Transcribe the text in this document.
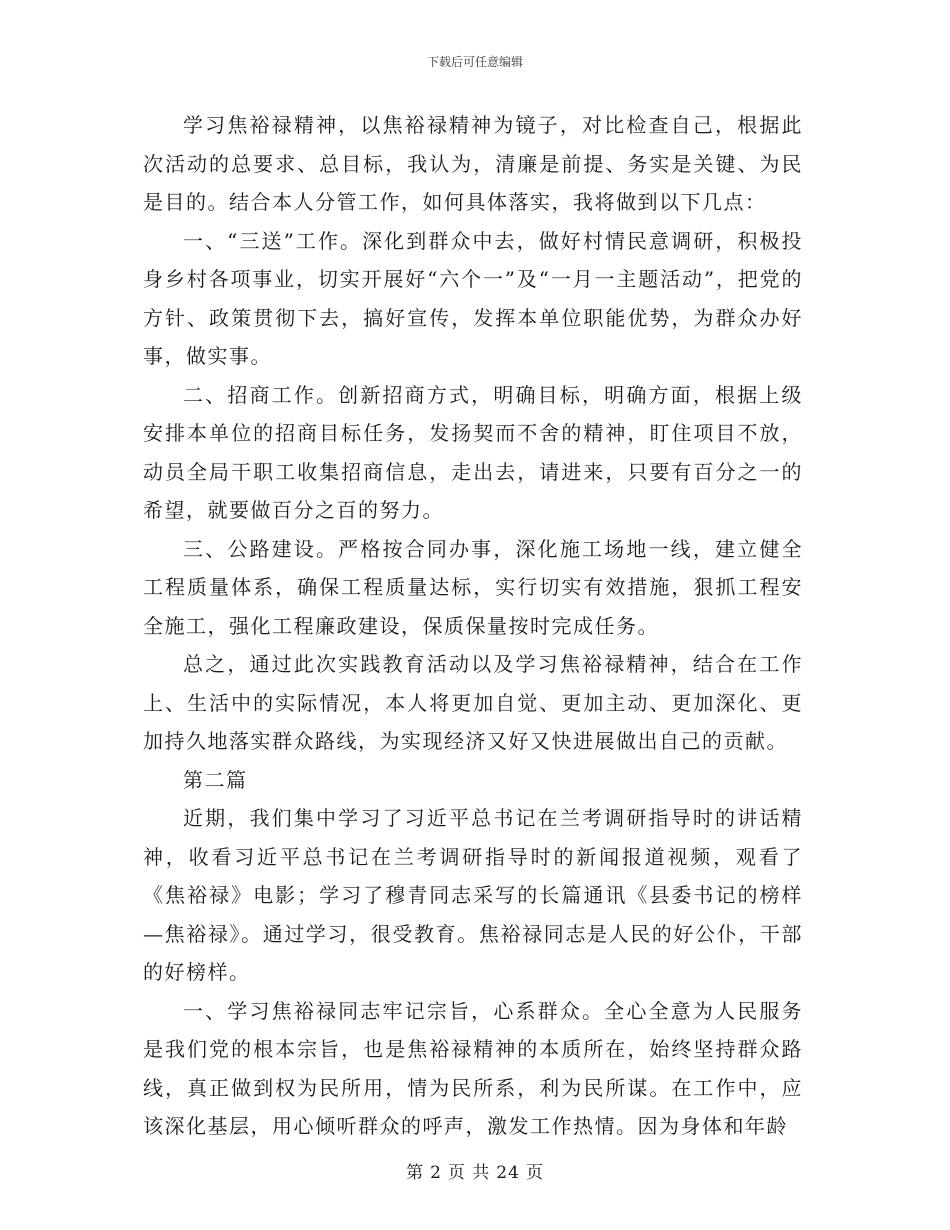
下载后可任意编辑

学习焦裕禄精神，以焦裕禄精神为镜子，对比检查自己，根据此次活动的总要求、总目标，我认为，清廉是前提、务实是关键、为民是目的。结合本人分管工作，如何具体落实，我将做到以下几点：

一、“三送”工作。深化到群众中去，做好村情民意调研，积极投身乡村各项事业，切实开展好“六个一”及“一月一主题活动”，把党的方针、政策贯彻下去，搞好宣传，发挥本单位职能优势，为群众办好事，做实事。

二、招商工作。创新招商方式，明确目标，明确方面，根据上级安排本单位的招商目标任务，发扬契而不舍的精神，盯住项目不放，动员全局干职工收集招商信息，走出去，请进来，只要有百分之一的希望，就要做百分之百的努力。

三、公路建设。严格按合同办事，深化施工场地一线，建立健全工程质量体系，确保工程质量达标，实行切实有效措施，狠抓工程安全施工，强化工程廉政建设，保质保量按时完成任务。

总之，通过此次实践教育活动以及学习焦裕禄精神，结合在工作上、生活中的实际情况，本人将更加自觉、更加主动、更加深化、更加持久地落实群众路线，为实现经济又好又快进展做出自己的贡献。

第二篇

近期，我们集中学习了习近平总书记在兰考调研指导时的讲话精神，收看习近平总书记在兰考调研指导时的新闻报道视频，观看了《焦裕禄》电影；学习了穆青同志采写的长篇通讯《县委书记的榜样—焦裕禄》。通过学习，很受教育。焦裕禄同志是人民的好公仆，干部的好榜样。

一、学习焦裕禄同志牢记宗旨，心系群众。全心全意为人民服务是我们党的根本宗旨，也是焦裕禄精神的本质所在，始终坚持群众路线，真正做到权为民所用，情为民所系，利为民所谋。在工作中，应该深化基层，用心倾听群众的呼声，激发工作热情。因为身体和年龄

第 2 页 共 24 页
